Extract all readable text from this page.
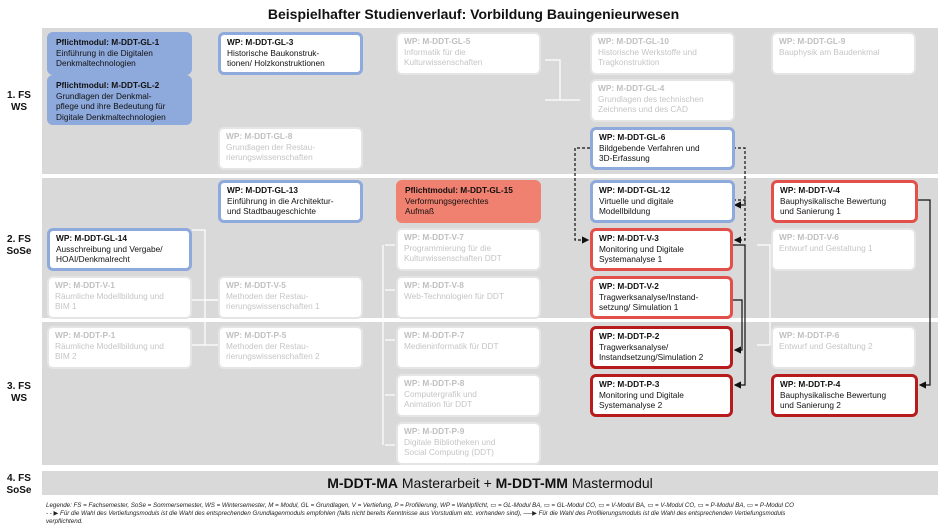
Beispielhafter Studienverlauf: Vorbildung Bauingenieurwesen
1. FS
WS
2. FS
SoSe
3. FS
WS
4. FS
SoSe
Pflichtmodul: M-DDT-GL-1
Einführung in die Digitalen
Denkmaltechnologien
Pflichtmodul: M-DDT-GL-2
Grundlagen der Denkmal-
pflege und ihre Bedeutung für
Digitale Denkmaltechnologien
WP: M-DDT-GL-3
Historische Baukonstruk-
tionen/ Holzkonstruktionen
WP: M-DDT-GL-5
Informatik für die
Kulturwissenschaften
WP: M-DDT-GL-10
Historische Werkstoffe und
Tragkonstruktion
WP: M-DDT-GL-9
Bauphysik am Baudenkmal
WP: M-DDT-GL-4
Grundlagen des technischen
Zeichnens und des CAD
WP: M-DDT-GL-8
Grundlagen der Restau-
rierungswissenschaften
WP: M-DDT-GL-6
Bildgebende Verfahren und
3D-Erfassung
WP: M-DDT-GL-13
Einführung in die Architektur-
und Stadtbaugeschichte
Pflichtmodul: M-DDT-GL-15
Verformungsgerechtes
Aufmaß
WP: M-DDT-GL-12
Virtuelle und digitale
Modellbildung
WP: M-DDT-V-4
Bauphysikalische Bewertung
und Sanierung 1
WP: M-DDT-GL-14
Ausschreibung und Vergabe/
HOAI/Denkmalrecht
WP: M-DDT-V-7
Programmierung für die
Kulturwissenschaften DDT
WP: M-DDT-V-3
Monitoring und Digitale
Systemanalyse 1
WP: M-DDT-V-6
Entwurf und Gestaltung 1
WP: M-DDT-V-1
Räumliche Modellbildung und
BIM 1
WP: M-DDT-V-5
Methoden der Restau-
rierungswissenschaften 1
WP: M-DDT-V-8
Web-Technologien für DDT
WP: M-DDT-V-2
Tragwerksanalyse/Instand-
setzung/ Simulation 1
WP: M-DDT-P-1
Räumliche Modellbildung und
BIM 2
WP: M-DDT-P-5
Methoden der Restau-
rierungswissenschaften 2
WP: M-DDT-P-7
Medieninformatik für DDT
WP: M-DDT-P-2
Tragwerksanalyse/
Instandsetzung/Simulation 2
WP: M-DDT-P-6
Entwurf und Gestaltung 2
WP: M-DDT-P-8
Computergrafik und
Animation für DDT
WP: M-DDT-P-3
Monitoring und Digitale
Systemanalyse 2
WP: M-DDT-P-4
Bauphysikalische Bewertung
und Sanierung 2
WP: M-DDT-P-9
Digitale Bibliotheken und
Social Computing (DDT)
M-DDT-MA Masterarbeit + M-DDT-MM Mastermodul
Legende: FS = Fachsemester, SoSe = Sommersemester, WS = Wintersemester, M = Modul, GL = Grundlagen, V = Vertiefung, P = Profilierung, WP = Wahlpflicht, ▭ = GL-Modul BA, ▭ = GL-Modul CO, ▭ = V-Modul BA, ▭ = V-Modul CO, ▭ = P-Modul BA, ▭ = P-Modul CO
- - ▶ Für die Wahl des Vertiefungsmoduls ist die Wahl des entsprechenden Grundlagenmoduls empfohlen (falls nicht bereits Kenntnisse aus Vorstudium etc. vorhanden sind), ──▶ Für die Wahl des Profilierungsmoduls ist die Wahl des entsprechenden Vertiefungsmoduls
verpflichtend.
